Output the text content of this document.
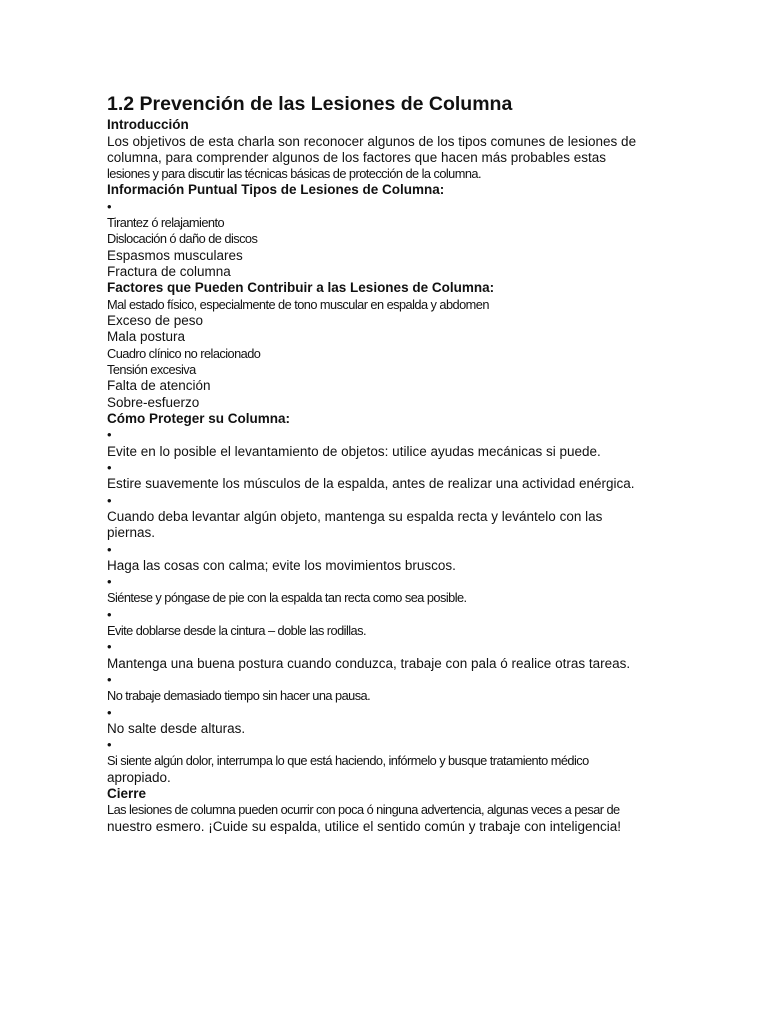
1.2 Prevención de las Lesiones de Columna
Introducción
Los objetivos de esta charla son reconocer algunos de los tipos comunes de lesiones de
columna, para comprender algunos de los factores que hacen más probables estas
lesiones y para discutir las técnicas básicas de protección de la columna.
Información Puntual Tipos de Lesiones de Columna:
•
Tirantez ó relajamiento
Dislocación ó daño de discos
Espasmos musculares
Fractura de columna
Factores que Pueden Contribuir a las Lesiones de Columna:
Mal estado físico, especialmente de tono muscular en espalda y abdomen
Exceso de peso
Mala postura
Cuadro clínico no relacionado
Tensión excesiva
Falta de atención
Sobre-esfuerzo
Cómo Proteger su Columna:
•
Evite en lo posible el levantamiento de objetos: utilice ayudas mecánicas si puede.
•
Estire suavemente los músculos de la espalda, antes de realizar una actividad enérgica.
•
Cuando deba levantar algún objeto, mantenga su espalda recta y levántelo con las
piernas.
•
Haga las cosas con calma; evite los movimientos bruscos.
•
Siéntese y póngase de pie con la espalda tan recta como sea posible.
•
Evite doblarse desde la cintura – doble las rodillas.
•
Mantenga una buena postura cuando conduzca, trabaje con pala ó realice otras tareas.
•
No trabaje demasiado tiempo sin hacer una pausa.
•
No salte desde alturas.
•
Si siente algún dolor, interrumpa lo que está haciendo, infórmelo y busque tratamiento médico
apropiado.
Cierre
Las lesiones de columna pueden ocurrir con poca ó ninguna advertencia, algunas veces a pesar de
nuestro esmero. ¡Cuide su espalda, utilice el sentido común y trabaje con inteligencia!
